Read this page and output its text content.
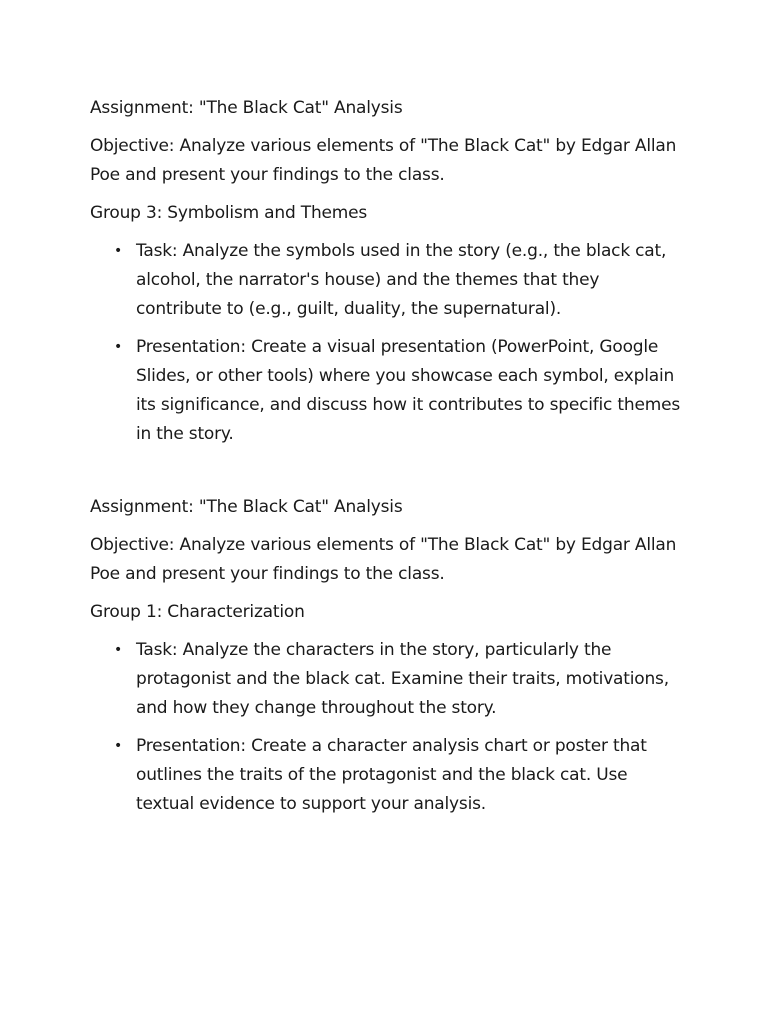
Assignment: "The Black Cat" Analysis

Objective: Analyze various elements of "The Black Cat" by Edgar Allan Poe and present your findings to the class.

Group 3: Symbolism and Themes

• Task: Analyze the symbols used in the story (e.g., the black cat, alcohol, the narrator's house) and the themes that they contribute to (e.g., guilt, duality, the supernatural).
• Presentation: Create a visual presentation (PowerPoint, Google Slides, or other tools) where you showcase each symbol, explain its significance, and discuss how it contributes to specific themes in the story.

Assignment: "The Black Cat" Analysis

Objective: Analyze various elements of "The Black Cat" by Edgar Allan Poe and present your findings to the class.

Group 1: Characterization

• Task: Analyze the characters in the story, particularly the protagonist and the black cat. Examine their traits, motivations, and how they change throughout the story.
• Presentation: Create a character analysis chart or poster that outlines the traits of the protagonist and the black cat. Use textual evidence to support your analysis.
